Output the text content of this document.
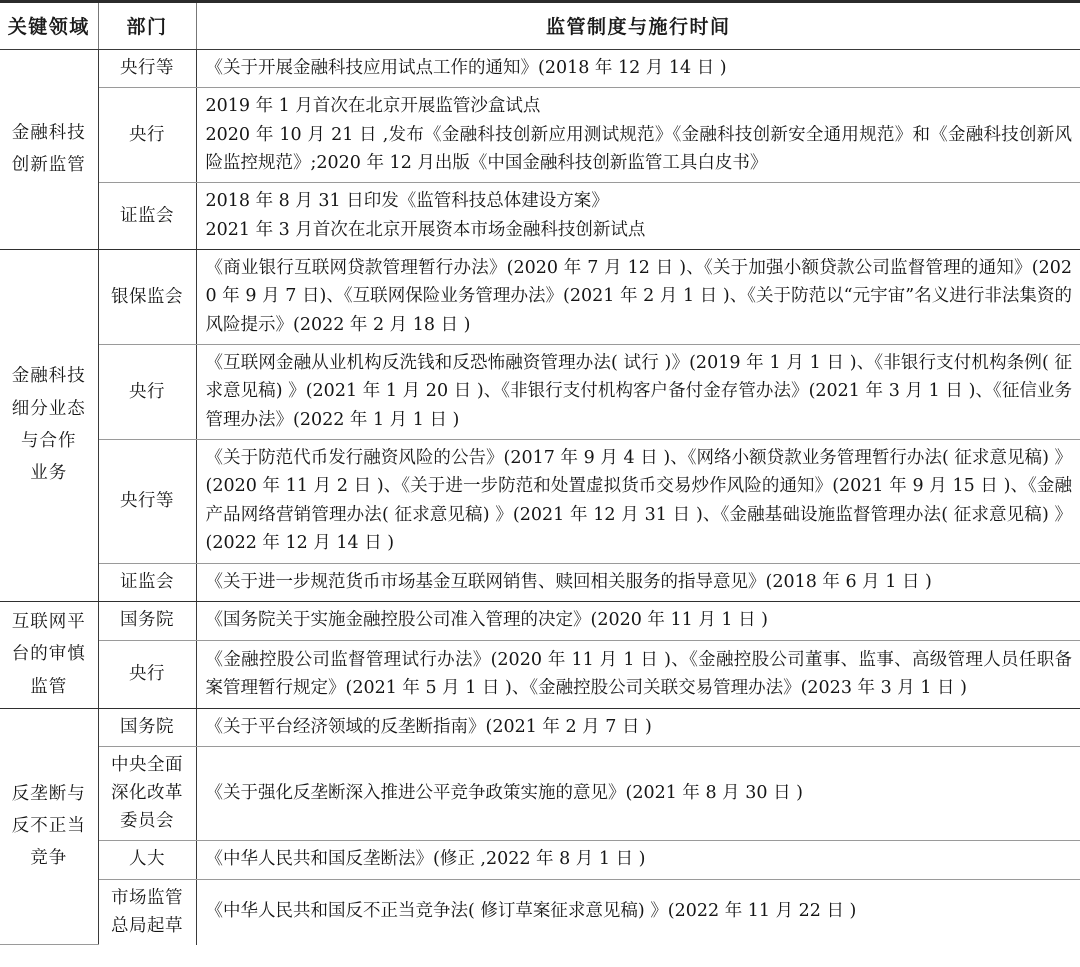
关键领域	部门	监管制度与施行时间

金融科技
创新监管	央行等	《关于开展金融科技应用试点工作的通知》(2018 年 12 月 14 日 )

	央行	2019 年 1 月首次在北京开展监管沙盒试点
2020 年 10 月 21 日 ,发布《金融科技创新应用测试规范》《金融科技创新安全通用规范》和《金融科技创新风险监控规范》;2020 年 12 月出版《中国金融科技创新监管工具白皮书》

	证监会	2018 年 8 月 31 日印发《监管科技总体建设方案》
2021 年 3 月首次在北京开展资本市场金融科技创新试点

金融科技
细分业态
与合作
业务	银保监会	《商业银行互联网贷款管理暂行办法》(2020 年 7 月 12 日 )、《关于加强小额贷款公司监督管理的通知》(2020 年 9 月 7 日)、《互联网保险业务管理办法》(2021 年 2 月 1 日 )、《关于防范以“元宇宙”名义进行非法集资的风险提示》(2022 年 2 月 18 日 )

	央行	《互联网金融从业机构反洗钱和反恐怖融资管理办法( 试行 )》(2019 年 1 月 1 日 )、《非银行支付机构条例( 征求意见稿) 》(2021 年 1 月 20 日 )、《非银行支付机构客户备付金存管办法》(2021 年 3 月 1 日 )、《征信业务管理办法》(2022 年 1 月 1 日 )

	央行等	《关于防范代币发行融资风险的公告》(2017 年 9 月 4 日 )、《网络小额贷款业务管理暂行办法( 征求意见稿) 》(2020 年 11 月 2 日 )、《关于进一步防范和处置虚拟货币交易炒作风险的通知》(2021 年 9 月 15 日 )、《金融产品网络营销管理办法( 征求意见稿) 》(2021 年 12 月 31 日 )、《金融基础设施监督管理办法( 征求意见稿) 》(2022 年 12 月 14 日 )

	证监会	《关于进一步规范货币市场基金互联网销售、赎回相关服务的指导意见》(2018 年 6 月 1 日 )

互联网平
台的审慎
监管	国务院	《国务院关于实施金融控股公司准入管理的决定》(2020 年 11 月 1 日 )

	央行	《金融控股公司监督管理试行办法》(2020 年 11 月 1 日 )、《金融控股公司董事、监事、高级管理人员任职备案管理暂行规定》(2021 年 5 月 1 日 )、《金融控股公司关联交易管理办法》(2023 年 3 月 1 日 )

反垄断与
反不正当
竞争	国务院	《关于平台经济领域的反垄断指南》(2021 年 2 月 7 日 )

	中央全面
深化改革
委员会	《关于强化反垄断深入推进公平竞争政策实施的意见》(2021 年 8 月 30 日 )

	人大	《中华人民共和国反垄断法》(修正 ,2022 年 8 月 1 日 )

	市场监管
总局起草	《中华人民共和国反不正当竞争法( 修订草案征求意见稿) 》(2022 年 11 月 22 日 )
